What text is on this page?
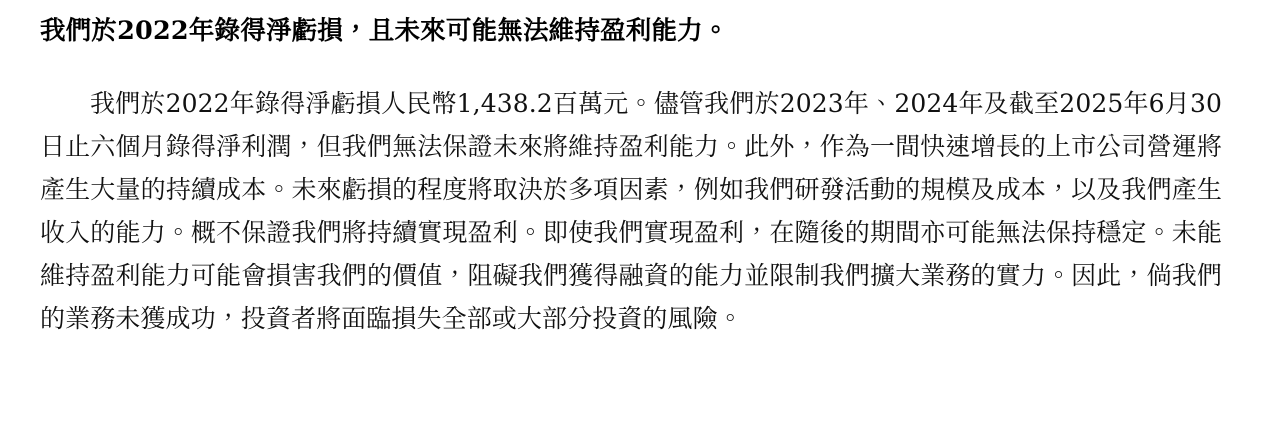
我們於2022年錄得淨虧損，且未來可能無法維持盈利能力。

我們於2022年錄得淨虧損人民幣1,438.2百萬元。儘管我們於2023年、2024年及截至2025年6月30日止六個月錄得淨利潤，但我們無法保證未來將維持盈利能力。此外，作為一間快速增長的上市公司營運將產生大量的持續成本。未來虧損的程度將取決於多項因素，例如我們研發活動的規模及成本，以及我們產生收入的能力。概不保證我們將持續實現盈利。即使我們實現盈利，在隨後的期間亦可能無法保持穩定。未能維持盈利能力可能會損害我們的價值，阻礙我們獲得融資的能力並限制我們擴大業務的實力。因此，倘我們的業務未獲成功，投資者將面臨損失全部或大部分投資的風險。
